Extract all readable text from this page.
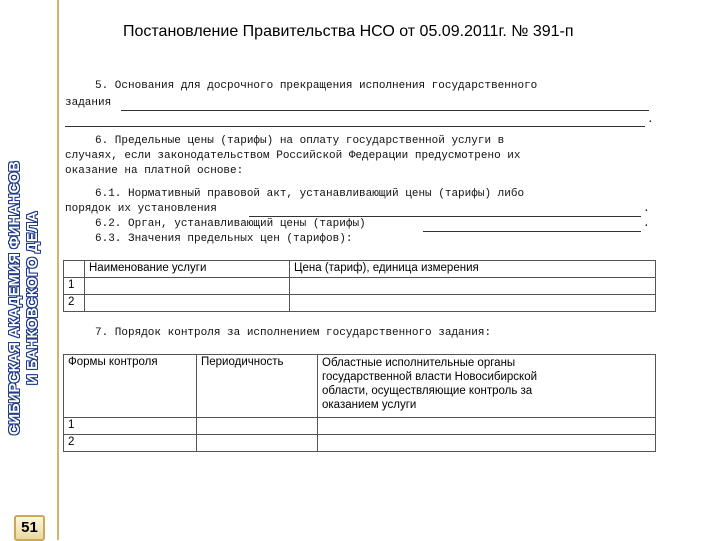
СИБИРСКАЯ АКАДЕМИЯ ФИНАНСОВ И БАНКОВСКОГО ДЕЛА
51
Постановление Правительства НСО от 05.09.2011г. № 391-п
5. Основания для досрочного прекращения исполнения государственного
задания
.
6. Предельные цены (тарифы) на оплату государственной услуги в
случаях, если законодательством Российской Федерации предусмотрено их
оказание на платной основе:
6.1. Нормативный правовой акт, устанавливающий цены (тарифы) либо
порядок их установления	.
6.2. Орган, устанавливающий цены (тарифы)	.
6.3. Значения предельных цен (тарифов):
7. Порядок контроля за исполнением государственного задания:
	Наименование услуги	Цена (тариф), единица измерения
1		
2		
Формы контроля	Периодичность	Областные исполнительные органы государственной власти Новосибирской области, осуществляющие контроль за оказанием услуги
1		
2		
